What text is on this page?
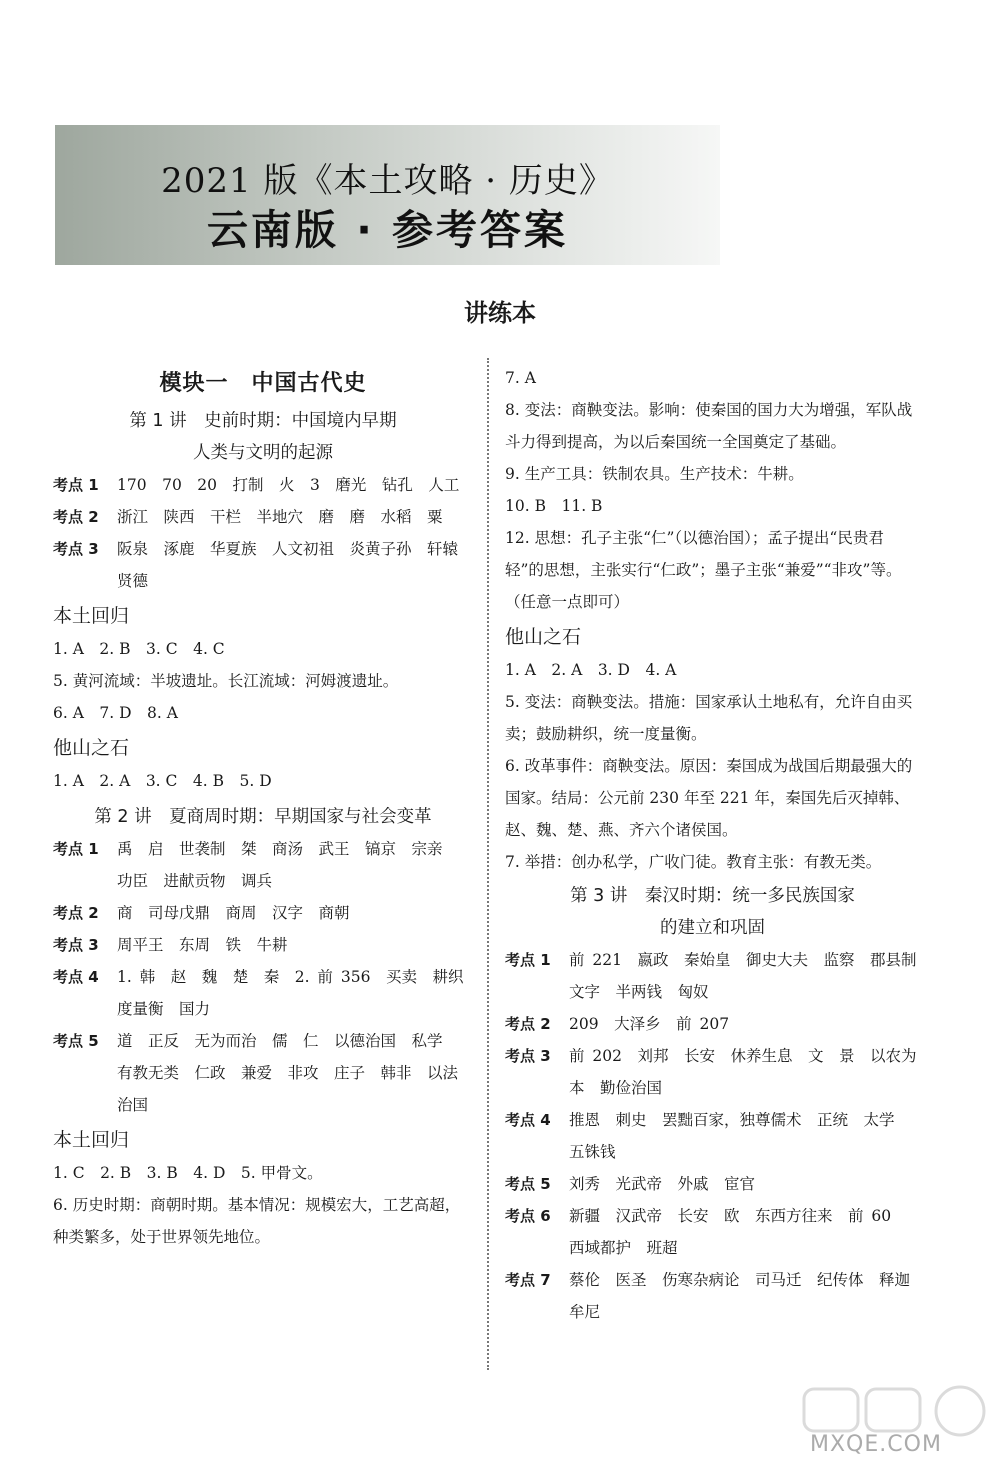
2021 版《本土攻略 · 历史》
云南版 · 参考答案
讲练本
模块一　中国古代史
第 1 讲　史前时期：中国境内早期
人类与文明的起源
考点 1	170　70　20　打制　火　3　磨光　钻孔　人工
考点 2	浙江　陕西　干栏　半地穴　磨　磨　水稻　粟
考点 3	阪泉　涿鹿　华夏族　人文初祖　炎黄子孙　轩辕　贤德
本土回归
1. A　2. B　3. C　4. C
5. 黄河流域：半坡遗址。长江流域：河姆渡遗址。
6. A　7. D　8. A
他山之石
1. A　2. A　3. C　4. B　5. D
第 2 讲　夏商周时期：早期国家与社会变革
考点 1	禹　启　世袭制　桀　商汤　武王　镐京　宗亲　功臣　进献贡物　调兵
考点 2	商　司母戊鼎　商周　汉字　商朝
考点 3	周平王　东周　铁　牛耕
考点 4	1. 韩　赵　魏　楚　秦　2. 前 356　买卖　耕织　度量衡　国力
考点 5	道　正反　无为而治　儒　仁　以德治国　私学　有教无类　仁政　兼爱　非攻　庄子　韩非　以法治国
本土回归
1. C　2. B　3. B　4. D　5. 甲骨文。
6. 历史时期：商朝时期。基本情况：规模宏大，工艺高超，种类繁多，处于世界领先地位。
7. A
8. 变法：商鞅变法。影响：使秦国的国力大为增强，军队战斗力得到提高，为以后秦国统一全国奠定了基础。
9. 生产工具：铁制农具。生产技术：牛耕。
10. B　11. B
12. 思想：孔子主张“仁”（以德治国）；孟子提出“民贵君轻”的思想，主张实行“仁政”；墨子主张“兼爱”“非攻”等。（任意一点即可）
他山之石
1. A　2. A　3. D　4. A
5. 变法：商鞅变法。措施：国家承认土地私有，允许自由买卖；鼓励耕织，统一度量衡。
6. 改革事件：商鞅变法。原因：秦国成为战国后期最强大的国家。结局：公元前 230 年至 221 年，秦国先后灭掉韩、赵、魏、楚、燕、齐六个诸侯国。
7. 举措：创办私学，广收门徒。教育主张：有教无类。
第 3 讲　秦汉时期：统一多民族国家
的建立和巩固
考点 1	前 221　嬴政　秦始皇　御史大夫　监察　郡县制　文字　半两钱　匈奴
考点 2	209　大泽乡　前 207
考点 3	前 202　刘邦　长安　休养生息　文　景　以农为本　勤俭治国
考点 4	推恩　刺史　罢黜百家，独尊儒术　正统　太学　五铢钱
考点 5	刘秀　光武帝　外戚　宦官
考点 6	新疆　汉武帝　长安　欧　东西方往来　前 60　西域都护　班超
考点 7	蔡伦　医圣　伤寒杂病论　司马迁　纪传体　释迦牟尼
MXQE.COM
